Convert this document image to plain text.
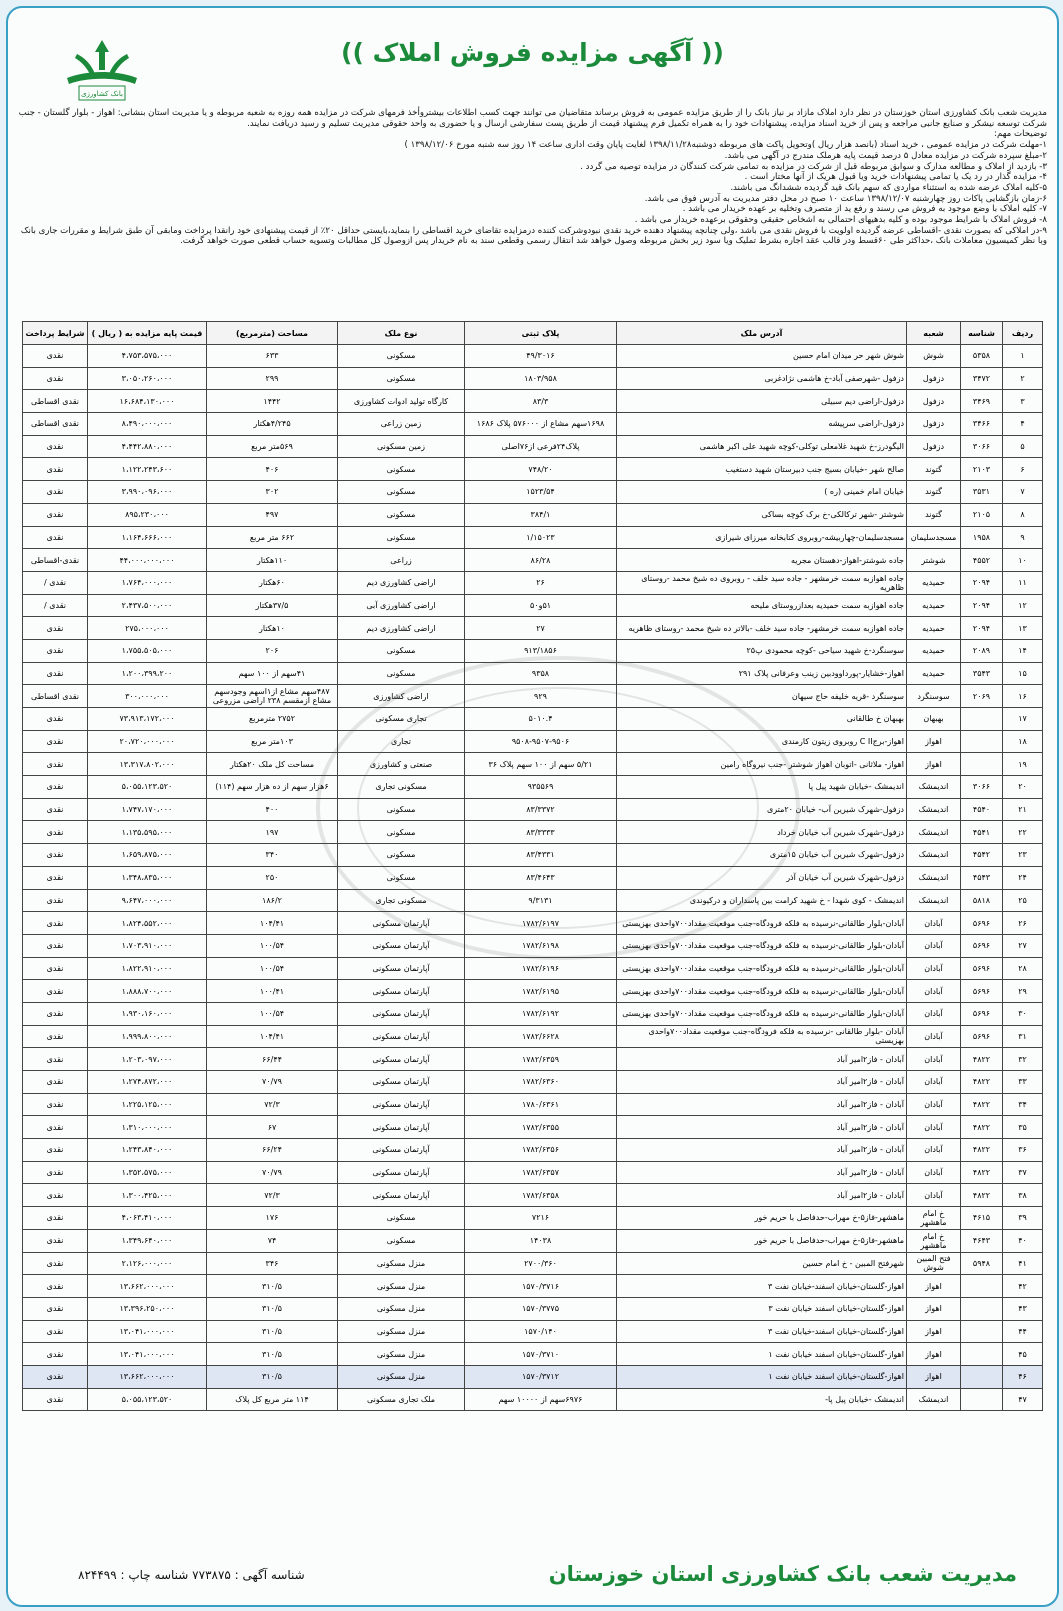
بانک کشاورزی
(( آگهی مزایده فروش املاک ))

مدیریت شعب بانک کشاورزی استان خوزستان در نظر دارد املاک مازاد بر نیاز بانک را از طریق مزایده عمومی به فروش برساند متقاضیان می توانند جهت کسب اطلاعات بیشتروأخذ فرمهای شرکت در مزایده همه روزه به شعبه مربوطه و یا مدیریت استان بنشانی: اهواز - بلوار گلستان - جنب شرکت توسعه نیشکر و صنایع جانبی مراجعه و پس از خرید اسناد مزایده، پیشنهادات خود را به همراه تکمیل فرم پیشنهاد قیمت از طریق پست سفارشی ارسال و یا حضوری به واحد حقوقی مدیریت تسلیم و رسید دریافت نمایند.

توضیحات مهم:

۱-مهلت شرکت در مزایده عمومی ، خرید اسناد (بانصد هزار ریال )وتحویل پاکت های مربوطه دوشنبه۱۳۹۸/۱۱/۲۸ لغایت پایان وقت اداری ساعت ۱۴ روز سه شنبه مورخ ۱۳۹۸/۱۲/۰۶ )

۲-مبلغ سپرده شرکت در مزایده معادل ۵ درصد قیمت پایه هرملک مندرج در آگهی می باشد.

۳- بازدید از املاک و مطالعه مدارک و سوابق مربوطه قبل از شرکت در مزایده به تمامی شرکت کنندگان در مزایده توصیه می گردد .

۴- مزایده گذار در رد یک یا تمامی پیشنهادات خرید ویا قبول هریک از آنها مختار است .

۵-کلیه املاک عرضه شده به استثناء مواردی که سهم بانک قید گردیده ششدانگ می باشند.

۶-زمان بازگشایی پاکات روز چهارشنبه ۱۳۹۸/۱۲/۰۷ ساعت ۱۰ صبح در محل دفتر مدیریت به آدرس فوق می باشد.

۷- کلیه املاک با وضع موجود به فروش می رسند و رفع ید از متصرف وتخلیه بر عهده خریدار می باشد .

۸- فروش املاک با شرایط موجود بوده و کلیه بدهیهای احتمالی به اشخاص حقیقی وحقوقی برعهده خریدار می باشد .

۹-در املاکی که بصورت نقدی -اقساطی عرضه گردیده اولویت با فروش نقدی می باشد ،ولی چنانچه پیشنهاد دهنده خرید نقدی نبودوشرکت کننده درمزایده تقاضای خرید اقساطی را بنماید،بایستی حداقل ۲۰٪ از قیمت پیشنهادی خود رانقدا پرداخت ومابقی آن طبق شرایط و مقررات جاری بانک وبا نظر کمیسیون معاملات بانک ،حداکثر طی ۶۰قسط ودر قالب عقد اجاره بشرط تملیک ویا سود زیر بخش مربوطه وصول خواهد شد انتقال رسمی وقطعی سند به نام خریدار پس ازوصول کل مطالبات وتسویه حساب قطعی صورت خواهد گرفت.

ردیف	شناسه	شعبه	آدرس ملک	پلاک ثبتی	نوع ملک	مساحت (مترمربع)	قیمت پایه مزایده به ( ریال )	شرایط پرداخت
۱	۵۳۵۸	شوش	شوش شهر حر میدان امام حسین	۴۹/۳۰۱۶	مسکونی	۶۳۳	۴،۷۵۳،۵۷۵،۰۰۰	نقدی
۲	۳۴۷۲	دزفول	دزفول -شهرصفی آباد-خ هاشمی نژادغربی	۱۸۰۳/۹۵۸	مسکونی	۲۹۹	۳،۰۵۰،۲۶۰،۰۰۰	نقدی
۳	۳۴۶۹	دزفول	دزفول-اراضی دیم سبیلی	۸۳/۳	کارگاه تولید ادوات کشاورزی	۱۴۴۲	۱۶،۶۸۴،۱۳۰،۰۰۰	نقدی اقساطی
۴	۳۴۶۶	دزفول	دزفول-اراضی سرپیشه	۱۶۹۸سهم مشاع از ۵۷۶۰۰۰ پلاک ۱۶۸۶	زمین زراعی	۴/۲۴۵هکتار	۸،۴۹۰،۰۰۰،۰۰۰	نقدی اقساطی
۵	۳۰۶۶	دزفول	الیگودرز-خ شهید غلامعلی توکلی-کوچه شهید علی اکبر هاشمی	پلاک۲۴فرعی از۷۶اصلی	زمین مسکونی	۵۶۹متر مربع	۴،۴۴۲،۸۸۰،۰۰۰	نقدی
۶	۲۱۰۳	گتوند	صالح شهر -خیابان بسیج جنب دبیرستان شهید دستغیب	۷۴۸/۲۰	مسکونی	۴۰۶	۱،۱۲۲،۲۴۳،۶۰۰	نقدی
۷	۳۵۳۱	گتوند	خیابان امام خمینی (ره )	۱۵۲۳/۵۴	مسکونی	۳۰۲	۳،۹۹۰،۰۹۶،۰۰۰	نقدی
۸	۲۱۰۵	گتوند	شوشتر -شهر ترکالکی-خ برک کوچه بساکی	۳۸۴/۱	مسکونی	۴۹۷	۸۹۵،۲۳۰،۰۰۰	نقدی
۹	۱۹۵۸	مسجدسلیمان	مسجدسلیمان-چهاربیشه-روبروی کتابخانه میرزای شیرازی	۱/۱۵۰۲۳	مسکونی	۶۶۲ متر مربع	۱،۱۶۴،۶۶۶،۰۰۰	نقدی
۱۰	۴۵۵۲	شوشتر	جاده شوشتر-اهواز-دهستان مجریه	۸۶/۲۸	زراعی	۱۱۰هکتار	۴۴،۰۰۰،۰۰۰،۰۰۰	نقدی-اقساطی
۱۱	۲۰۹۴	حمیدیه	جاده اهوازبه سمت خرمشهر - جاده سید خلف - روبروی ده شیخ محمد -روستای ظاهریه	۲۶	اراضی کشاورزی دیم	۶۰هکتار	۱،۷۶۴،۰۰۰،۰۰۰	نقدی /
۱۲	۲۰۹۴	حمیدیه	جاده اهوازبه سمت حمیدیه بعدازروستای ملیحه	۵۱و۵۰	اراضی کشاورزی آبی	۳۷/۵هکتار	۲،۴۳۷،۵۰۰،۰۰۰	نقدی /
۱۳	۲۰۹۴	حمیدیه	جاده اهوازبه سمت خرمشهر- جاده سید خلف -بالاتر ده شیخ محمد -روستای ظاهریه	۲۷	اراضی کشاورزی دیم	۱۰هکتار	۲۷۵،۰۰۰،۰۰۰	نقدی
۱۴	۲۰۸۹	حمیدیه	سوسنگرد-خ شهید سیاحی -کوچه محمودی پ۲۵	۹۱۳/۱۸۵۶	مسکونی	۲۰۶	۱،۷۵۵،۵۰۵،۰۰۰	نقدی
۱۵	۳۵۴۳	حمیدیه	اهواز-خشایار-پورداوودبین زینب وعرفانی پلاک ۲۹۱	۹۳۵۸	مسکونی	۴۱سهم از ۱۰۰ سهم	۱،۲۰۰،۳۹۹،۲۰۰	نقدی
۱۶	۲۰۶۹	سوسنگرد	سوسنگرد -قریه خلیفه حاج سیهان	۹۲۹	اراضی کشاورزی	۴۸۷سهم مشاع از۱اسهم وجودسهم مشاع ازمقسم ۲۳۸ اراضی مزروعی	۳۰۰،۰۰۰،۰۰۰	نقدی اقساطی
۱۷		بهبهان	بهبهان خ طالقانی	۵۰۱۰.۴	تجاری مسکونی	۲۷۵۲ مترمربع	۷۳،۹۱۳،۱۷۲،۰۰۰	نقدی
۱۸		اهواز	اهواز-برجC II روبروی زیتون کارمندی	۹۵۰۸-۹۵۰۷-۹۵۰۶	تجاری	۱۰۳متر مربع	۲۰،۷۲۰،۰۰۰،۰۰۰	نقدی
۱۹		اهواز	اهواز- ملاثانی -اتوبان اهواز شوشتر -جنب نیروگاه رامین	۵/۲۱ سهم از ۱۰۰ سهم پلاک ۳۶	صنعتی و کشاورزی	مساحت کل ملک ۲۰هکتار	۱۳،۳۱۷،۸۰۲،۰۰۰	نقدی
۲۰	۳۰۶۶	اندیمشک	اندیمشک -خیابان شهید پیل پا	۹۳۵۵۶۹	مسکونی تجاری	۶هزار سهم از ده هزار سهم (۱۱۴)	۵،۰۵۵،۱۲۳،۵۲۰	نقدی
۲۱	۴۵۴۰	اندیمشک	دزفول-شهرک شیرین آب- خیابان ۲۰متری	۸۳/۳۳۷۲	مسکونی	۴۰۰	۱،۷۴۷،۱۷۰،۰۰۰	نقدی
۲۲	۴۵۴۱	اندیمشک	دزفول-شهرک شیرین آب خیابان خرداد	۸۳/۳۳۳۳	مسکونی	۱۹۷	۱،۱۳۵،۵۹۵،۰۰۰	نقدی
۲۳	۴۵۴۲	اندیمشک	دزفول-شهرک شیرین آب خیابان ۱۵متری	۸۳/۴۳۳۱	مسکونی	۳۴۰	۱،۶۵۹،۸۷۵،۰۰۰	نقدی
۲۴	۴۵۴۳	اندیمشک	دزفول-شهرک شیرین آب خیابان آذر	۸۳/۴۶۴۳	مسکونی	۲۵۰	۱،۳۴۸،۸۳۵،۰۰۰	نقدی
۲۵	۵۸۱۸	اندیمشک	اندیمشک - کوی شهدا - خ شهید کرامت بین پاسداران و درکیوندی	۹/۳۱۳۱	مسکونی تجاری	۱۸۶/۲	۹،۶۴۷،۰۰۰،۰۰۰	نقدی
۲۶	۵۶۹۶	آبادان	آبادان-بلوار طالقانی-نرسیده به فلکه فرودگاه-جنب موقعیت مقداد۷۰۰واحدی بهزیستی	۱۷۸۲/۶۱۹۷	آپارتمان مسکونی	۱۰۴/۴۱	۱،۸۲۴،۵۵۲،۰۰۰	نقدی
۲۷	۵۶۹۶	آبادان	آبادان-بلوار طالقانی-نرسیده به فلکه فرودگاه-جنب موقعیت مقداد۷۰۰واحدی بهزیستی	۱۷۸۲/۶۱۹۸	آپارتمان مسکونی	۱۰۰/۵۴	۱،۷۰۳،۹۱۰،۰۰۰	نقدی
۲۸	۵۶۹۶	آبادان	آبادان-بلوار طالقانی-نرسیده به فلکه فرودگاه-جنب موقعیت مقداد۷۰۰واحدی بهزیستی	۱۷۸۲/۶۱۹۶	آپارتمان مسکونی	۱۰۰/۵۴	۱،۸۲۲،۹۱۰،۰۰۰	نقدی
۲۹	۵۶۹۶	آبادان	آبادان-بلوار طالقانی-نرسیده به فلکه فرودگاه-جنب موقعیت مقداد۷۰۰واحدی بهزیستی	۱۷۸۲/۶۱۹۵	آپارتمان مسکونی	۱۰۰/۴۱	۱،۸۸۸،۷۰۰،۰۰۰	نقدی
۳۰	۵۶۹۶	آبادان	آبادان-بلوار طالقانی-نرسیده به فلکه فرودگاه-جنب موقعیت مقداد۷۰۰واحدی بهزیستی	۱۷۸۲/۶۱۹۲	آپارتمان مسکونی	۱۰۰/۵۴	۱،۹۳۰،۱۶۰،۰۰۰	نقدی
۳۱	۵۶۹۶	آبادان	آبادان -بلوار طالقانی -نرسیده به فلکه فرودگاه-جنب موقعیت مقداد۷۰۰واحدی بهزیستی	۱۷۸۲/۶۶۲۸	آپارتمان مسکونی	۱۰۴/۴۱	۱،۹۹۹،۸۰۰،۰۰۰	نقدی
۳۲	۴۸۲۲	آبادان	آبادان - فاز۲امیر آباد	۱۷۸۲/۶۳۵۹	آپارتمان مسکونی	۶۶/۴۴	۱،۲۰۳،۰۹۷،۰۰۰	نقدی
۳۳	۴۸۲۲	آبادان	آبادان - فاز۲امیر آباد	۱۷۸۲/۶۳۶۰	آپارتمان مسکونی	۷۰/۷۹	۱،۲۷۴،۸۷۲،۰۰۰	نقدی
۳۴	۴۸۲۲	آبادان	آبادان - فاز۲امیر آباد	۱۷۸۰/۶۳۶۱	آپارتمان مسکونی	۷۲/۳	۱،۲۲۵،۱۲۵،۰۰۰	نقدی
۳۵	۴۸۲۲	آبادان	آبادان - فاز۲امیر آباد	۱۷۸۲/۶۳۵۵	آپارتمان مسکونی	۶۷	۱،۳۱۰،۰۰۰،۰۰۰	نقدی
۳۶	۴۸۲۲	آبادان	آبادان - فاز۲امیر آباد	۱۷۸۲/۶۳۵۶	آپارتمان مسکونی	۶۶/۲۴	۱،۲۴۳،۸۴۰،۰۰۰	نقدی
۳۷	۴۸۲۲	آبادان	آبادان - فاز۲امیر آباد	۱۷۸۲/۶۳۵۷	آپارتمان مسکونی	۷۰/۷۹	۱،۳۵۲،۵۷۵،۰۰۰	نقدی
۳۸	۴۸۲۲	آبادان	آبادان - فاز۲امیر آباد	۱۷۸۲/۶۳۵۸	آپارتمان مسکونی	۷۲/۳	۱،۳۰۰،۴۲۵،۰۰۰	نقدی
۳۹	۴۶۱۵	خ امام ماهشهر	ماهشهر-فاز۵-خ مهراب-حدفاصل با حریم خور	۷۲۱۶	مسکونی	۱۷۶	۴،۰۶۳،۴۱۰،۰۰۰	نقدی
۴۰	۴۶۴۳	خ امام ماهشهر	ماهشهر-فاز۵-خ مهراب-حدفاصل با حریم خور	۱۴۰۳۸	مسکونی	۷۴	۱،۳۴۹،۶۴۰،۰۰۰	نقدی
۴۱	۵۹۴۸	فتح المبین شوش	شهرفتح المبین - خ امام حسین	۲۷۰۰/۳۶۰	منزل مسکونی	۳۴۶	۲،۱۲۶،۰۰۰،۰۰۰	نقدی
۴۲		اهواز	اهواز-گلستان-خیابان اسفند-خیابان نفت ۳	۱۵۷۰/۳۷۱۶	منزل مسکونی	۳۱۰/۵	۱۳،۶۶۲،۰۰۰،۰۰۰	نقدی
۴۳		اهواز	اهواز-گلستان-خیابان اسفند خیابان نفت ۳	۱۵۷۰/۳۷۷۵	منزل مسکونی	۳۱۰/۵	۱۳،۳۹۶،۲۵۰،۰۰۰	نقدی
۴۴		اهواز	اهواز-گلستان-خیابان اسفند-خیابان نفت ۳	۱۵۷۰/۱۴۰	منزل مسکونی	۳۱۰/۵	۱۳،۰۴۱،۰۰۰،۰۰۰	نقدی
۴۵		اهواز	اهواز-گلستان-خیابان اسفند خیابان نفت ۱	۱۵۷۰/۳۷۱۰	منزل مسکونی	۳۱۰/۵	۱۳،۰۴۱،۰۰۰،۰۰۰	نقدی
۴۶		اهواز	اهواز-گلستان-خیابان اسفند خیابان نفت ۱	۱۵۷۰/۳۷۱۲	منزل مسکونی	۳۱۰/۵	۱۳،۶۶۲،۰۰۰،۰۰۰	نقدی
۴۷		اندیمشک	اندیمشک -خیابان پیل پا-	۶۹۷۶سهم از ۱۰۰۰۰ سهم	ملک تجاری مسکونی	۱۱۴ متر مربع کل پلاک	۵،۰۵۵،۱۲۳،۵۲۰	نقدی
مدیریت شعب بانک کشاورزی استان خوزستان
شناسه آگهی : ۷۷۳۸۷۵ شناسه چاپ : ۸۲۴۴۹۹
